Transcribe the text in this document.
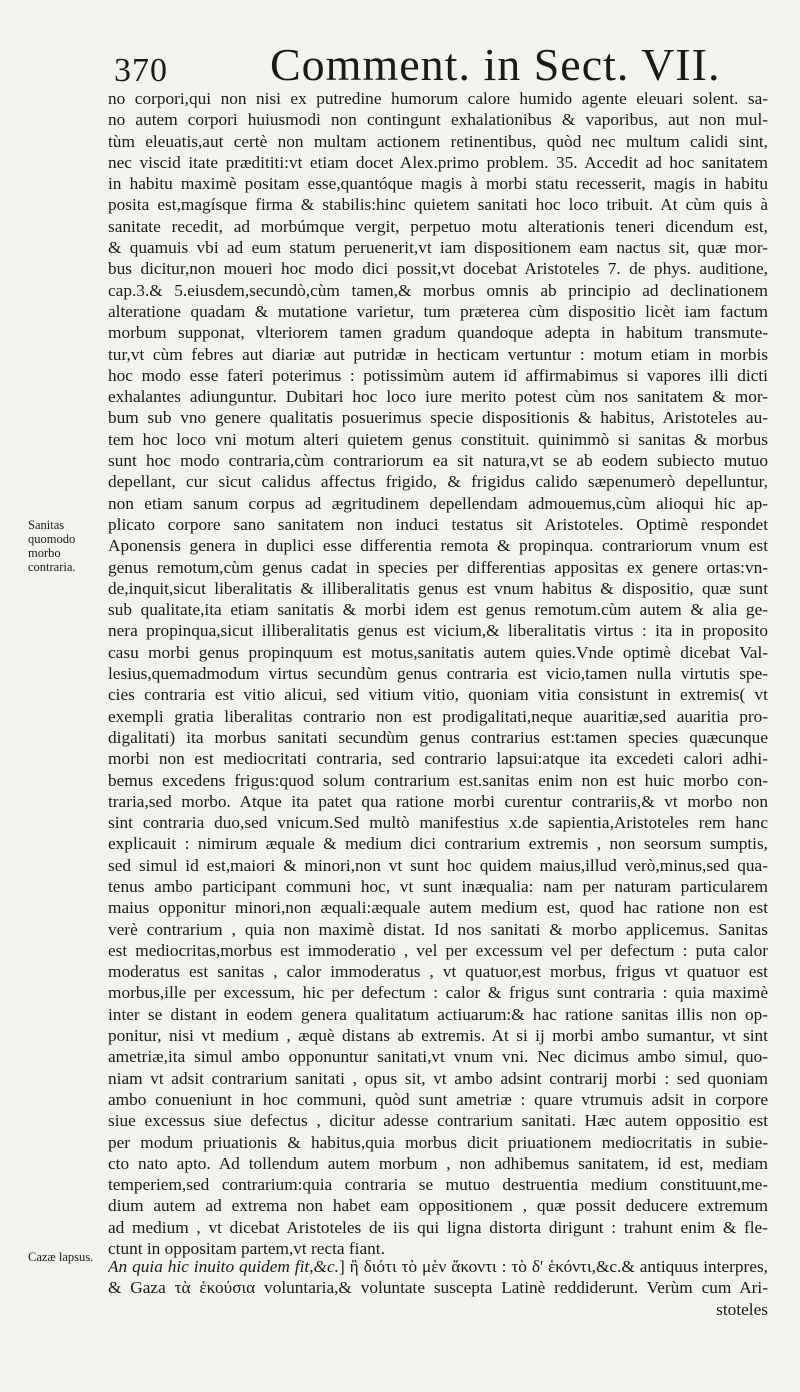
370 Comment. in Sect. VII.
Sanitas quomodo morbo contraria.
Cazæ lapsus.
no corpori,qui non nisi ex putredine humorum calore humido agente eleuari solent. sa-
no autem corpori huiusmodi non contingunt exhalationibus & vaporibus, aut non mul-
tùm eleuatis,aut certè non multam actionem retinentibus, quòd nec multum calidi sint,
nec viscid itate prædititi:vt etiam docet Alex.primo problem. 35. Accedit ad hoc sanitatem
in habitu maximè positam esse,quantóque magis à morbi statu recesserit, magis in habitu
posita est,magísque firma & stabilis:hinc quietem sanitati hoc loco tribuit. At cùm quis à
sanitate recedit, ad morbúmque vergit, perpetuo motu alterationis teneri dicendum est,
& quamuis vbi ad eum statum peruenerit,vt iam dispositionem eam nactus sit, quæ mor-
bus dicitur,non moueri hoc modo dici possit,vt docebat Aristoteles 7. de phys. auditione,
cap.3.& 5.eiusdem,secundò,cùm tamen,& morbus omnis ab principio ad declinationem
alteratione quadam & mutatione varietur, tum præterea cùm dispositio licèt iam factum
morbum supponat, vlteriorem tamen gradum quandoque adepta in habitum transmute-
tur,vt cùm febres aut diariæ aut putridæ in hecticam vertuntur : motum etiam in morbis
hoc modo esse fateri poterimus : potissimùm autem id affirmabimus si vapores illi dicti
exhalantes adiunguntur. Dubitari hoc loco iure merito potest cùm nos sanitatem & mor-
bum sub vno genere qualitatis posuerimus specie dispositionis & habitus, Aristoteles au-
tem hoc loco vni motum alteri quietem genus constituit. quinimmò si sanitas & morbus
sunt hoc modo contraria,cùm contrariorum ea sit natura,vt se ab eodem subiecto mutuo
depellant, cur sicut calidus affectus frigido, & frigidus calido sæpenumerò depelluntur,
non etiam sanum corpus ad ægritudinem depellendam admouemus,cùm alioqui hic ap-
plicato corpore sano sanitatem non induci testatus sit Aristoteles. Optimè respondet
Aponensis genera in duplici esse differentia remota & propinqua. contrariorum vnum est
genus remotum,cùm genus cadat in species per differentias appositas ex genere ortas:vn-
de,inquit,sicut liberalitatis & illiberalitatis genus est vnum habitus & dispositio, quæ sunt
sub qualitate,ita etiam sanitatis & morbi idem est genus remotum.cùm autem & alia ge-
nera propinqua,sicut illiberalitatis genus est vicium,& liberalitatis virtus : ita in proposito
casu morbi genus propinquum est motus,sanitatis autem quies.Vnde optimè dicebat Val-
lesius,quemadmodum virtus secundùm genus contraria est vicio,tamen nulla virtutis spe-
cies contraria est vitio alicui, sed vitium vitio, quoniam vitia consistunt in extremis( vt
exempli gratia liberalitas contrario non est prodigalitati,neque auaritiæ,sed auaritia pro-
digalitati) ita morbus sanitati secundùm genus contrarius est:tamen species quæcunque
morbi non est mediocritati contraria, sed contrario lapsui:atque ita excedeti calori adhi-
bemus excedens frigus:quod solum contrarium est.sanitas enim non est huic morbo con-
traria,sed morbo. Atque ita patet qua ratione morbi curentur contrariis,& vt morbo non
sint contraria duo,sed vnicum.Sed multò manifestius x.de sapientia,Aristoteles rem hanc
explicauit : nimirum æquale & medium dici contrarium extremis , non seorsum sumptis,
sed simul id est,maiori & minori,non vt sunt hoc quidem maius,illud verò,minus,sed qua-
tenus ambo participant communi hoc, vt sunt inæqualia: nam per naturam particularem
maius opponitur minori,non æquali:æquale autem medium est, quod hac ratione non est
verè contrarium , quia non maximè distat. Id nos sanitati & morbo applicemus. Sanitas
est mediocritas,morbus est immoderatio , vel per excessum vel per defectum : puta calor
moderatus est sanitas , calor immoderatus , vt quatuor,est morbus, frigus vt quatuor est
morbus,ille per excessum, hic per defectum : calor & frigus sunt contraria : quia maximè
inter se distant in eodem genera qualitatum actiuarum:& hac ratione sanitas illis non op-
ponitur, nisi vt medium , æquè distans ab extremis. At si ij morbi ambo sumantur, vt sint
ametriæ,ita simul ambo opponuntur sanitati,vt vnum vni. Nec dicimus ambo simul, quo-
niam vt adsit contrarium sanitati , opus sit, vt ambo adsint contrarij morbi : sed quoniam
ambo conueniunt in hoc communi, quòd sunt ametriæ : quare vtrumuis adsit in corpore
siue excessus siue defectus , dicitur adesse contrarium sanitati. Hæc autem oppositio est
per modum priuationis & habitus,quia morbus dicit priuationem mediocritatis in subie-
cto nato apto. Ad tollendum autem morbum , non adhibemus sanitatem, id est, mediam
temperiem,sed contrarium:quia contraria se mutuo destruentia medium constituunt,me-
dium autem ad extrema non habet eam oppositionem , quæ possit deducere extremum
ad medium , vt dicebat Aristoteles de iis qui ligna distorta dirigunt : trahunt enim & fle-
ctunt in oppositam partem,vt recta fiant.
An quia hic inuito quidem fit,&c.] ἢ διότι τὸ μὲν ἄκοντι : τὸ δ' ἑκόντι,&c.& antiquus interpres,
& Gaza τὰ ἑκούσια voluntaria,& voluntate suscepta Latinè reddiderunt. Verùm cum Ari-
stoteles
